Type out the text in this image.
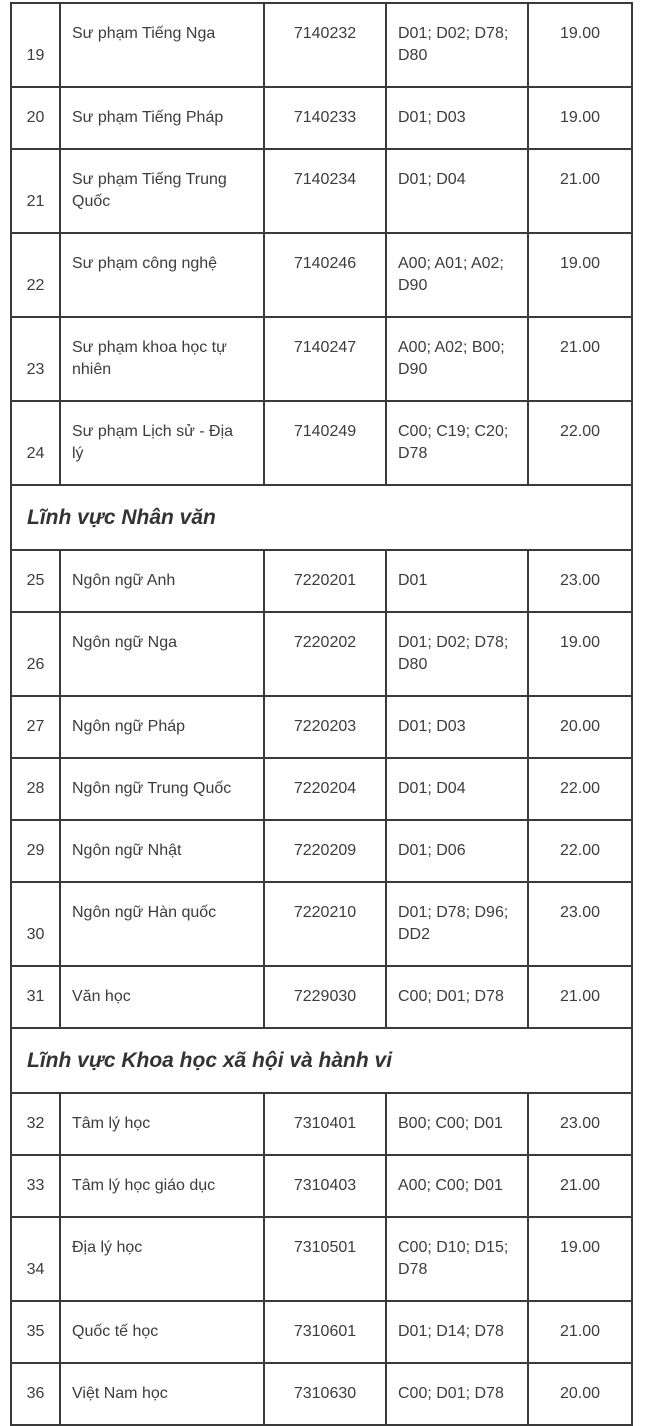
19	Sư phạm Tiếng Nga	7140232	D01; D02; D78; D80	19.00
20	Sư phạm Tiếng Pháp	7140233	D01; D03	19.00
21	Sư phạm Tiếng Trung Quốc	7140234	D01; D04	21.00
22	Sư phạm công nghệ	7140246	A00; A01; A02; D90	19.00
23	Sư phạm khoa học tự nhiên	7140247	A00; A02; B00; D90	21.00
24	Sư phạm Lịch sử - Địa lý	7140249	C00; C19; C20; D78	22.00
Lĩnh vực Nhân văn				
25	Ngôn ngữ Anh	7220201	D01	23.00
26	Ngôn ngữ Nga	7220202	D01; D02; D78; D80	19.00
27	Ngôn ngữ Pháp	7220203	D01; D03	20.00
28	Ngôn ngữ Trung Quốc	7220204	D01; D04	22.00
29	Ngôn ngữ Nhật	7220209	D01; D06	22.00
30	Ngôn ngữ Hàn quốc	7220210	D01; D78; D96; DD2	23.00
31	Văn học	7229030	C00; D01; D78	21.00
Lĩnh vực Khoa học xã hội và hành vi				
32	Tâm lý học	7310401	B00; C00; D01	23.00
33	Tâm lý học giáo dục	7310403	A00; C00; D01	21.00
34	Địa lý học	7310501	C00; D10; D15; D78	19.00
35	Quốc tế học	7310601	D01; D14; D78	21.00
36	Việt Nam học	7310630	C00; D01; D78	20.00
